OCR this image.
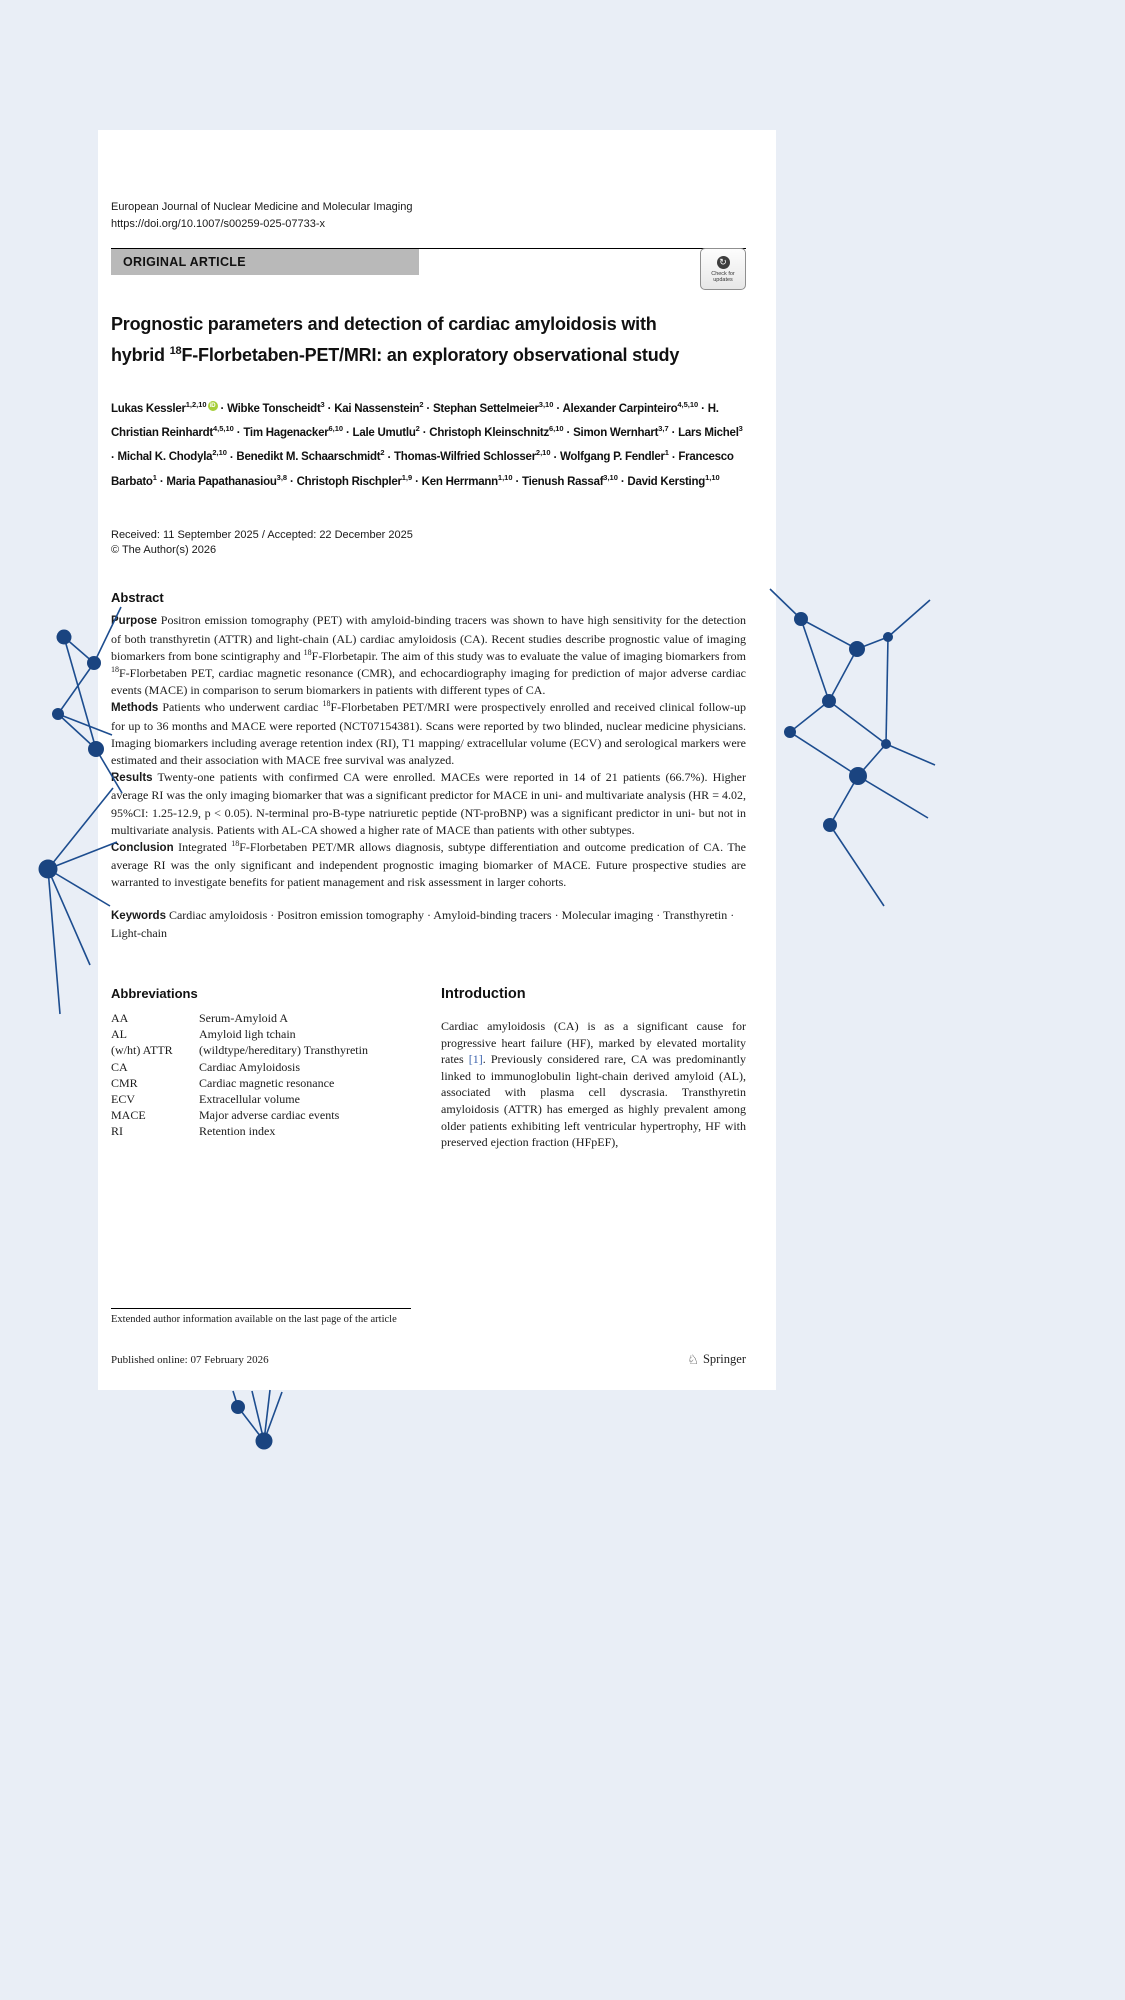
European Journal of Nuclear Medicine and Molecular Imaging
https://doi.org/10.1007/s00259-025-07733-x
ORIGINAL ARTICLE	↻
Check for updates
Prognostic parameters and detection of cardiac amyloidosis with
hybrid $^{18}$F-Florbetaben-PET/MRI: an exploratory observational study
Lukas Kessler$^{1,2,10}$ iD · Wibke Tonscheidt$^3$ · Kai Nassenstein$^2$ · Stephan Settelmeier$^{3,10}$ · Alexander Carpinteiro$^{4,5,10}$ · H. Christian Reinhardt$^{4,5,10}$ · Tim Hagenacker$^{6,10}$ · Lale Umutlu$^2$ · Christoph Kleinschnitz$^{6,10}$ · Simon Wernhart$^{3,7}$ · Lars Michel$^3$ · Michal K. Chodyla$^{2,10}$ · Benedikt M. Schaarschmidt$^2$ · Thomas-Wilfried Schlosser$^{2,10}$ · Wolfgang P. Fendler$^1$ · Francesco Barbato$^1$ · Maria Papathanasiou$^{3,8}$ · Christoph Rischpler$^{1,9}$ · Ken Herrmann$^{1,10}$ · Tienush Rassaf$^{3,10}$ · David Kersting$^{1,10}$
Received: 11 September 2025 / Accepted: 22 December 2025
© The Author(s) 2026
Abstract

Purpose Positron emission tomography (PET) with amyloid-binding tracers was shown to have high sensitivity for the detection of both transthyretin (ATTR) and light-chain (AL) cardiac amyloidosis (CA). Recent studies describe prognostic value of imaging biomarkers from bone scintigraphy and $^{18}$F-Florbetapir. The aim of this study was to evaluate the value of imaging biomarkers from $^{18}$F-Florbetaben PET, cardiac magnetic resonance (CMR), and echocardiography imaging for prediction of major adverse cardiac events (MACE) in comparison to serum biomarkers in patients with different types of CA.

Methods Patients who underwent cardiac $^{18}$F-Florbetaben PET/MRI were prospectively enrolled and received clinical follow-up for up to 36 months and MACE were reported (NCT07154381). Scans were reported by two blinded, nuclear medicine physicians. Imaging biomarkers including average retention index (RI), T1 mapping/ extracellular volume (ECV) and serological markers were estimated and their association with MACE free survival was analyzed.

Results Twenty-one patients with confirmed CA were enrolled. MACEs were reported in 14 of 21 patients (66.7%). Higher average RI was the only imaging biomarker that was a significant predictor for MACE in uni- and multivariate analysis (HR = 4.02, 95%CI: 1.25-12.9, p < 0.05). N-terminal pro-B-type natriuretic peptide (NT-proBNP) was a significant predictor in uni- but not in multivariate analysis. Patients with AL-CA showed a higher rate of MACE than patients with other subtypes.

Conclusion Integrated $^{18}$F-Florbetaben PET/MR allows diagnosis, subtype differentiation and outcome predication of CA. The average RI was the only significant and independent prognostic imaging biomarker of MACE. Future prospective studies are warranted to investigate benefits for patient management and risk assessment in larger cohorts.

Keywords Cardiac amyloidosis · Positron emission tomography · Amyloid-binding tracers · Molecular imaging · Transthyretin · Light-chain
Abbreviations
AA	Serum-Amyloid A
AL	Amyloid ligh tchain
(w/ht) ATTR	(wildtype/hereditary) Transthyretin
CA	Cardiac Amyloidosis
CMR	Cardiac magnetic resonance
ECV	Extracellular volume
MACE	Major adverse cardiac events
RI	Retention index
Introduction

Cardiac amyloidosis (CA) is as a significant cause for progressive heart failure (HF), marked by elevated mortality rates [1]. Previously considered rare, CA was predominantly linked to immunoglobulin light-chain derived amyloid (AL), associated with plasma cell dyscrasia. Transthyretin amyloidosis (ATTR) has emerged as highly prevalent among older patients exhibiting left ventricular hypertrophy, HF with preserved ejection fraction (HFpEF),

Extended author information available on the last page of the article
Published online: 07 February 2026	♘ Springer
